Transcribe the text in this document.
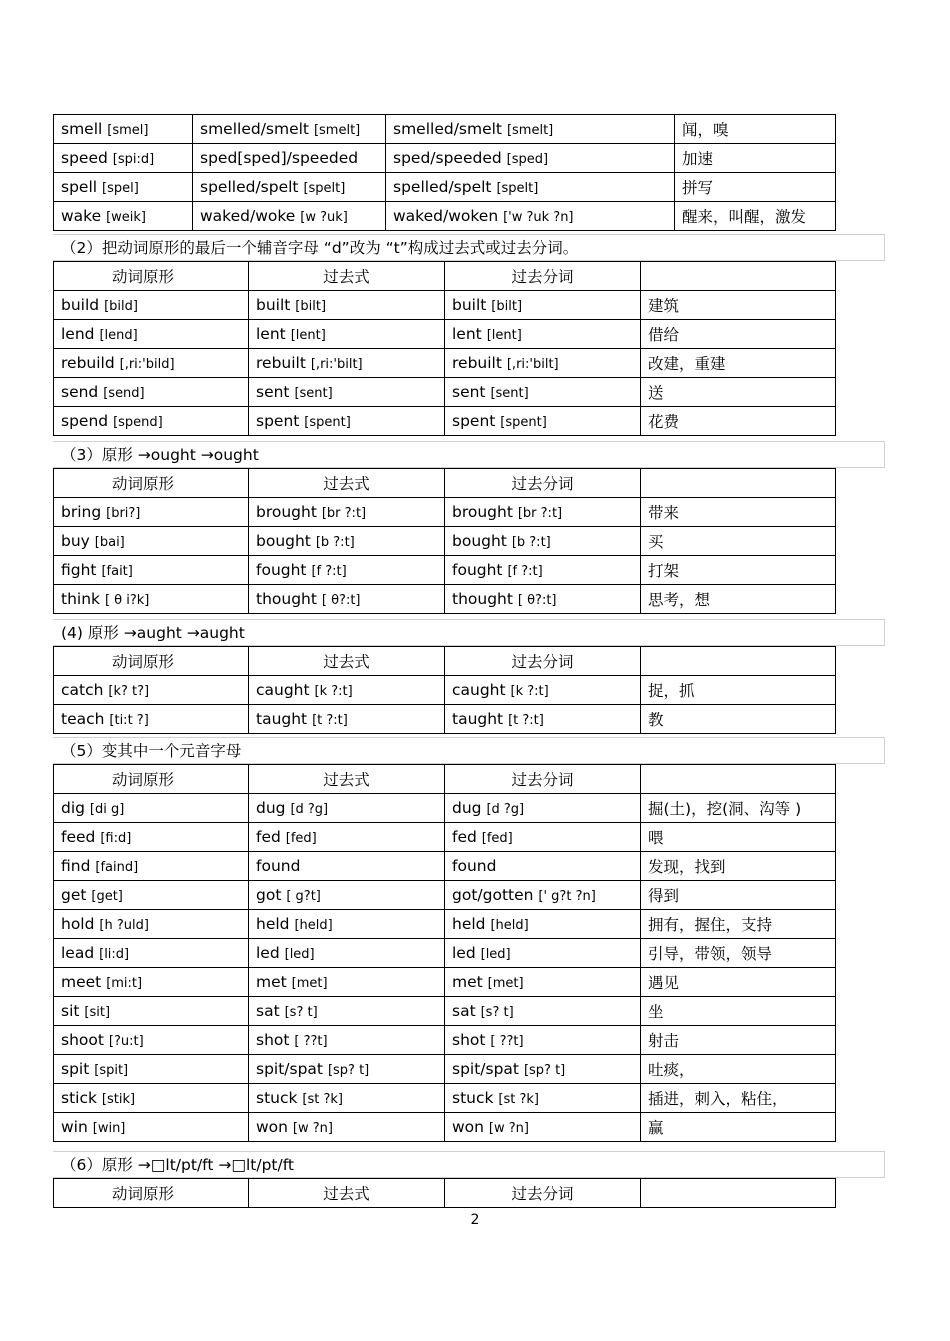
smell [smel]	smelled/smelt [smelt]	smelled/smelt [smelt]	闻，嗅
speed [spi:d]	sped[sped]/speeded	sped/speeded [sped]	加速
spell [spel]	spelled/spelt [spelt]	spelled/spelt [spelt]	拼写
wake [weik]	waked/woke [w ?uk]	waked/woken ['w ?uk ?n]	醒来，叫醒，激发
（2）把动词原形的最后一个辅音字母 “d”改为 “t”构成过去式或过去分词。
动词原形	过去式	过去分词	
build [bild]	built [bilt]	built [bilt]	建筑
lend [lend]	lent [lent]	lent [lent]	借给
rebuild [,ri:'bild]	rebuilt [,ri:'bilt]	rebuilt [,ri:'bilt]	改建，重建
send [send]	sent [sent]	sent [sent]	送
spend [spend]	spent [spent]	spent [spent]	花费
（3）原形 →ought →ought
动词原形	过去式	过去分词	
bring [bri?]	brought [br ?:t]	brought [br ?:t]	带来
buy [bai]	bought [b ?:t]	bought [b ?:t]	买
fight [fait]	fought [f ?:t]	fought [f ?:t]	打架
think [ θ i?k]	thought [ θ?:t]	thought [ θ?:t]	思考，想
(4) 原形 →aught →aught
动词原形	过去式	过去分词	
catch [k? t?]	caught [k ?:t]	caught [k ?:t]	捉，抓
teach [ti:t ?]	taught [t ?:t]	taught [t ?:t]	教
（5）变其中一个元音字母
动词原形	过去式	过去分词	
dig [di g]	dug [d ?g]	dug [d ?g]	掘(土)，挖(洞、沟等 )
feed [fi:d]	fed [fed]	fed [fed]	喂
find [faind]	found	found	发现，找到
get [get]	got [ g?t]	got/gotten [' g?t ?n]	得到
hold [h ?uld]	held [held]	held [held]	拥有，握住，支持
lead [li:d]	led [led]	led [led]	引导，带领，领导
meet [mi:t]	met [met]	met [met]	遇见
sit [sit]	sat [s? t]	sat [s? t]	坐
shoot [?u:t]	shot [ ??t]	shot [ ??t]	射击
spit [spit]	spit/spat [sp? t]	spit/spat [sp? t]	吐痰，
stick [stik]	stuck [st ?k]	stuck [st ?k]	插进，刺入，粘住，
win [win]	won [w ?n]	won [w ?n]	赢
（6）原形 →□lt/pt/ft →□lt/pt/ft
动词原形	过去式	过去分词	
2
